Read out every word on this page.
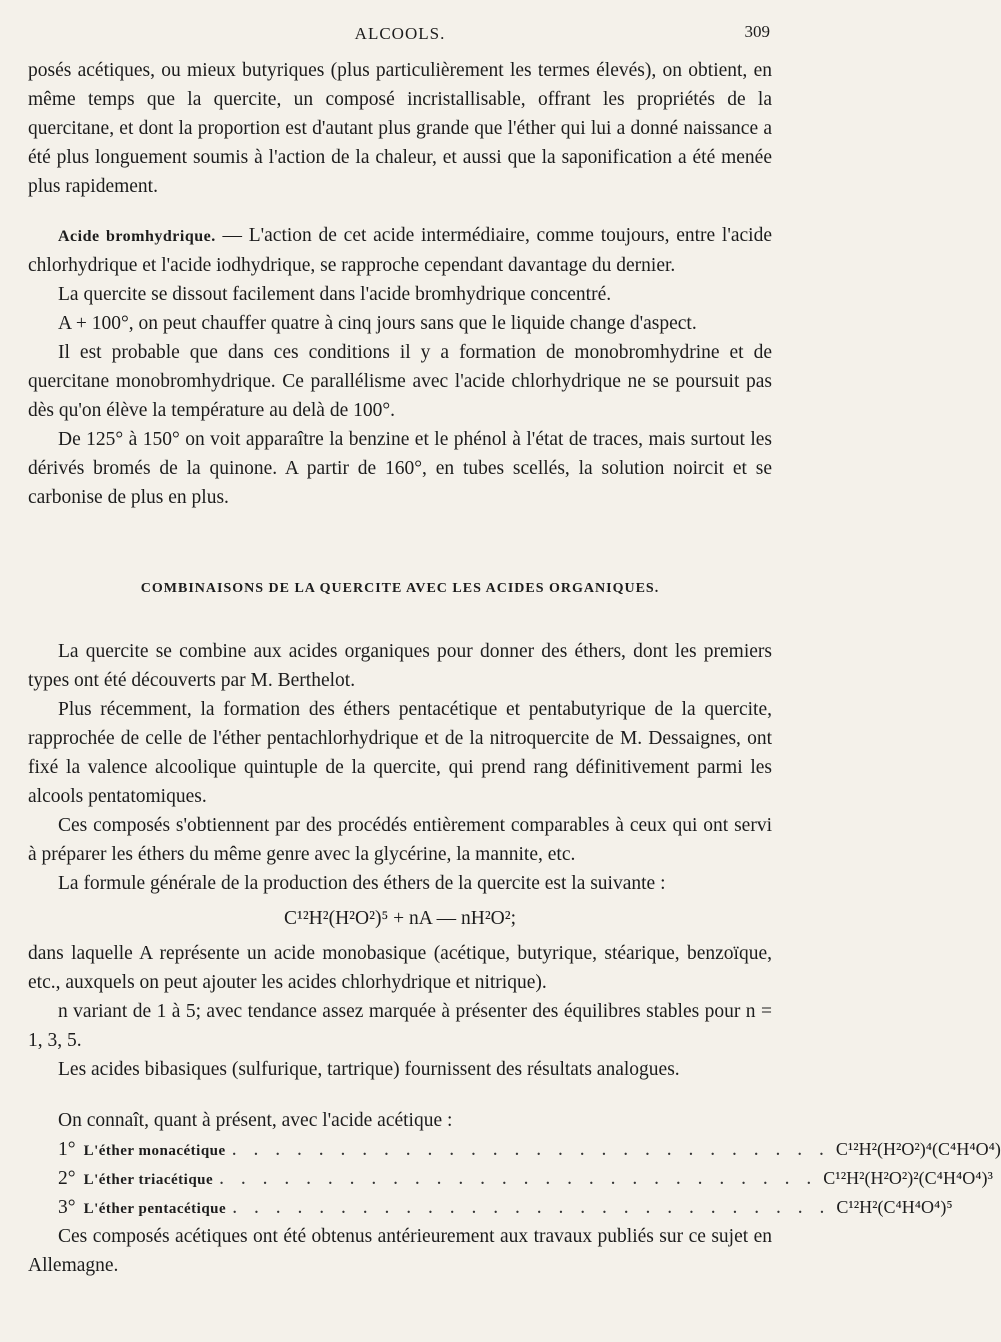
ALCOOLS.	309

posés acétiques, ou mieux butyriques (plus particulièrement les termes élevés), on obtient, en même temps que la quercite, un composé incristallisable, offrant les propriétés de la quercitane, et dont la proportion est d'autant plus grande que l'éther qui lui a donné naissance a été plus longuement soumis à l'action de la chaleur, et aussi que la saponification a été menée plus rapidement.

Acide bromhydrique. — L'action de cet acide intermédiaire, comme toujours, entre l'acide chlorhydrique et l'acide iodhydrique, se rapproche cependant davantage du dernier.

La quercite se dissout facilement dans l'acide bromhydrique concentré.

A + 100°, on peut chauffer quatre à cinq jours sans que le liquide change d'aspect.

Il est probable que dans ces conditions il y a formation de monobromhydrine et de quercitane monobromhydrique. Ce parallélisme avec l'acide chlorhydrique ne se poursuit pas dès qu'on élève la température au delà de 100°.

De 125° à 150° on voit apparaître la benzine et le phénol à l'état de traces, mais surtout les dérivés bromés de la quinone. A partir de 160°, en tubes scellés, la solution noircit et se carbonise de plus en plus.

COMBINAISONS DE LA QUERCITE AVEC LES ACIDES ORGANIQUES.

La quercite se combine aux acides organiques pour donner des éthers, dont les premiers types ont été découverts par M. Berthelot.

Plus récemment, la formation des éthers pentacétique et pentabutyrique de la quercite, rapprochée de celle de l'éther pentachlorhydrique et de la nitroquercite de M. Dessaignes, ont fixé la valence alcoolique quintuple de la quercite, qui prend rang définitivement parmi les alcools pentatomiques.

Ces composés s'obtiennent par des procédés entièrement comparables à ceux qui ont servi à préparer les éthers du même genre avec la glycérine, la mannite, etc.

La formule générale de la production des éthers de la quercite est la suivante :

C¹²H²(H²O²)⁵ + nA — nH²O²;

dans laquelle A représente un acide monobasique (acétique, butyrique, stéarique, benzoïque, etc., auxquels on peut ajouter les acides chlorhydrique et nitrique).

n variant de 1 à 5; avec tendance assez marquée à présenter des équilibres stables pour n = 1, 3, 5.

Les acides bibasiques (sulfurique, tartrique) fournissent des résultats analogues.

On connaît, quant à présent, avec l'acide acétique :

1° L'éther monacétique . . . . . . . . . . . . . . . . . . . . . . . . . . . . C¹²H²(H²O²)⁴(C⁴H⁴O⁴)
2° L'éther triacétique . . . . . . . . . . . . . . . . . . . . . . . . . . . . C¹²H²(H²O²)²(C⁴H⁴O⁴)³
3° L'éther pentacétique . . . . . . . . . . . . . . . . . . . . . . . . . . . . C¹²H²(C⁴H⁴O⁴)⁵

Ces composés acétiques ont été obtenus antérieurement aux travaux publiés sur ce sujet en Allemagne.
